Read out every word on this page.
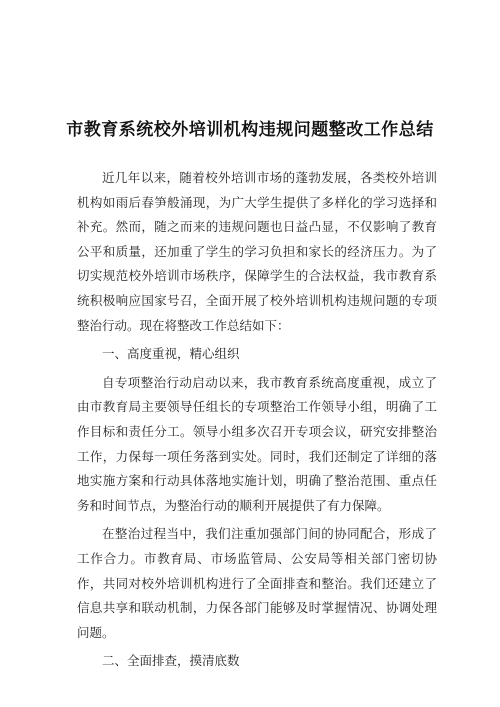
市教育系统校外培训机构违规问题整改工作总结

近几年以来，随着校外培训市场的蓬勃发展，各类校外培训机构如雨后春笋般涌现，为广大学生提供了多样化的学习选择和补充。然而，随之而来的违规问题也日益凸显，不仅影响了教育公平和质量，还加重了学生的学习负担和家长的经济压力。为了切实规范校外培训市场秩序，保障学生的合法权益，我市教育系统积极响应国家号召，全面开展了校外培训机构违规问题的专项整治行动。现在将整改工作总结如下：

一、高度重视，精心组织

自专项整治行动启动以来，我市教育系统高度重视，成立了由市教育局主要领导任组长的专项整治工作领导小组，明确了工作目标和责任分工。领导小组多次召开专项会议，研究安排整治工作，力保每一项任务落到实处。同时，我们还制定了详细的落地实施方案和行动具体落地实施计划，明确了整治范围、重点任务和时间节点，为整治行动的顺利开展提供了有力保障。

在整治过程当中，我们注重加强部门间的协同配合，形成了工作合力。市教育局、市场监管局、公安局等相关部门密切协作，共同对校外培训机构进行了全面排查和整治。我们还建立了信息共享和联动机制，力保各部门能够及时掌握情况、协调处理问题。

二、全面排查，摸清底数
